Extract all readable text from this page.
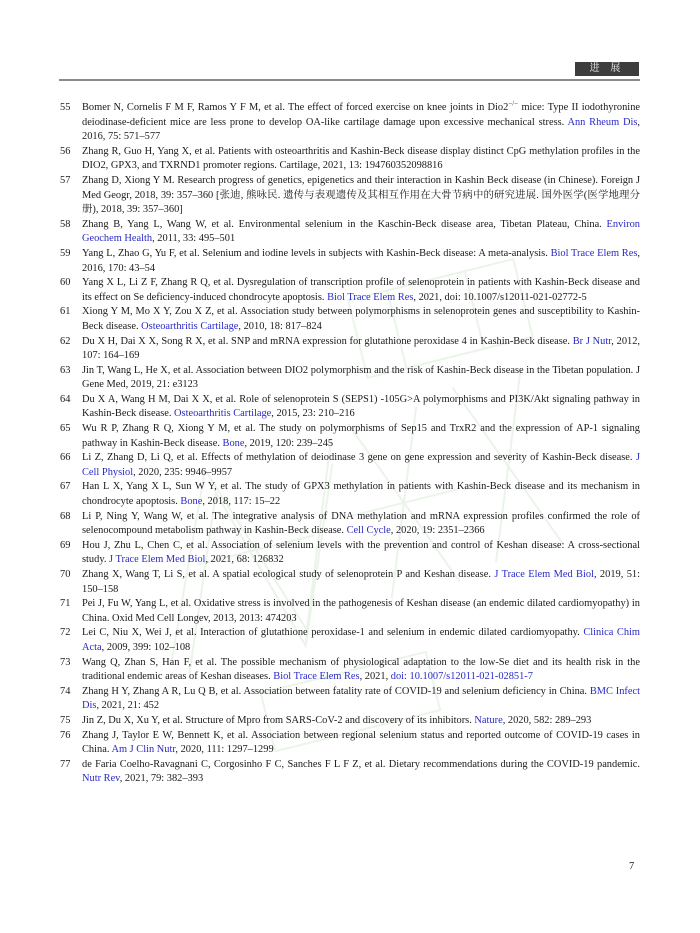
进 展
55	Bomer N, Cornelis F M F, Ramos Y F M, et al. The effect of forced exercise on knee joints in Dio2−/− mice: Type II iodothyronine deiodinase-deficient mice are less prone to develop OA-like cartilage damage upon excessive mechanical stress. Ann Rheum Dis, 2016, 75: 571–577
56	Zhang R, Guo H, Yang X, et al. Patients with osteoarthritis and Kashin-Beck disease display distinct CpG methylation profiles in the DIO2, GPX3, and TXRND1 promoter regions. Cartilage, 2021, 13: 194760352098816
57	Zhang D, Xiong Y M. Research progress of genetics, epigenetics and their interaction in Kashin Beck disease (in Chinese). Foreign J Med Geogr, 2018, 39: 357–360 [张迪, 熊咏民. 遗传与表观遗传及其相互作用在大骨节病中的研究进展. 国外医学(医学地理分册), 2018, 39: 357–360]
58	Zhang B, Yang L, Wang W, et al. Environmental selenium in the Kaschin-Beck disease area, Tibetan Plateau, China. Environ Geochem Health, 2011, 33: 495–501
59	Yang L, Zhao G, Yu F, et al. Selenium and iodine levels in subjects with Kashin-Beck disease: A meta-analysis. Biol Trace Elem Res, 2016, 170: 43–54
60	Yang X L, Li Z F, Zhang R Q, et al. Dysregulation of transcription profile of selenoprotein in patients with Kashin-Beck disease and its effect on Se deficiency-induced chondrocyte apoptosis. Biol Trace Elem Res, 2021, doi: 10.1007/s12011-021-02772-5
61	Xiong Y M, Mo X Y, Zou X Z, et al. Association study between polymorphisms in selenoprotein genes and susceptibility to Kashin-Beck disease. Osteoarthritis Cartilage, 2010, 18: 817–824
62	Du X H, Dai X X, Song R X, et al. SNP and mRNA expression for glutathione peroxidase 4 in Kashin-Beck disease. Br J Nutr, 2012, 107: 164–169
63	Jin T, Wang L, He X, et al. Association between DIO2 polymorphism and the risk of Kashin-Beck disease in the Tibetan population. J Gene Med, 2019, 21: e3123
64	Du X A, Wang H M, Dai X X, et al. Role of selenoprotein S (SEPS1) -105G>A polymorphisms and PI3K/Akt signaling pathway in Kashin-Beck disease. Osteoarthritis Cartilage, 2015, 23: 210–216
65	Wu R P, Zhang R Q, Xiong Y M, et al. The study on polymorphisms of Sep15 and TrxR2 and the expression of AP-1 signaling pathway in Kashin-Beck disease. Bone, 2019, 120: 239–245
66	Li Z, Zhang D, Li Q, et al. Effects of methylation of deiodinase 3 gene on gene expression and severity of Kashin-Beck disease. J Cell Physiol, 2020, 235: 9946–9957
67	Han L X, Yang X L, Sun W Y, et al. The study of GPX3 methylation in patients with Kashin-Beck disease and its mechanism in chondrocyte apoptosis. Bone, 2018, 117: 15–22
68	Li P, Ning Y, Wang W, et al. The integrative analysis of DNA methylation and mRNA expression profiles confirmed the role of selenocompound metabolism pathway in Kashin-Beck disease. Cell Cycle, 2020, 19: 2351–2366
69	Hou J, Zhu L, Chen C, et al. Association of selenium levels with the prevention and control of Keshan disease: A cross-sectional study. J Trace Elem Med Biol, 2021, 68: 126832
70	Zhang X, Wang T, Li S, et al. A spatial ecological study of selenoprotein P and Keshan disease. J Trace Elem Med Biol, 2019, 51: 150–158
71	Pei J, Fu W, Yang L, et al. Oxidative stress is involved in the pathogenesis of Keshan disease (an endemic dilated cardiomyopathy) in China. Oxid Med Cell Longev, 2013, 2013: 474203
72	Lei C, Niu X, Wei J, et al. Interaction of glutathione peroxidase-1 and selenium in endemic dilated cardiomyopathy. Clinica Chim Acta, 2009, 399: 102–108
73	Wang Q, Zhan S, Han F, et al. The possible mechanism of physiological adaptation to the low-Se diet and its health risk in the traditional endemic areas of Keshan diseases. Biol Trace Elem Res, 2021, doi: 10.1007/s12011-021-02851-7
74	Zhang H Y, Zhang A R, Lu Q B, et al. Association between fatality rate of COVID-19 and selenium deficiency in China. BMC Infect Dis, 2021, 21: 452
75	Jin Z, Du X, Xu Y, et al. Structure of Mpro from SARS-CoV-2 and discovery of its inhibitors. Nature, 2020, 582: 289–293
76	Zhang J, Taylor E W, Bennett K, et al. Association between regional selenium status and reported outcome of COVID-19 cases in China. Am J Clin Nutr, 2020, 111: 1297–1299
77	de Faria Coelho-Ravagnani C, Corgosinho F C, Sanches F L F Z, et al. Dietary recommendations during the COVID-19 pandemic. Nutr Rev, 2021, 79: 382–393
7
